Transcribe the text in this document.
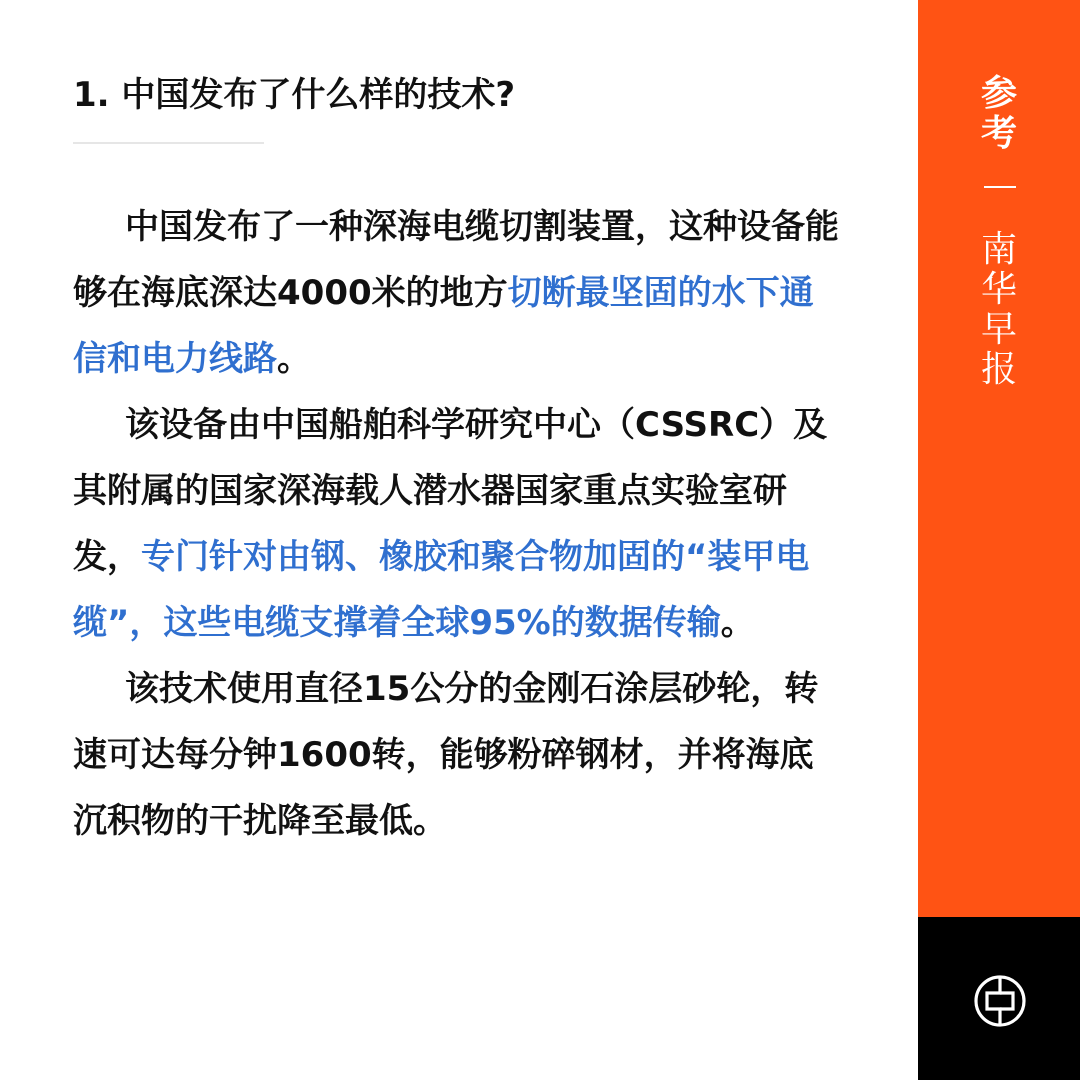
1. 中国发布了什么样的技术?

中国发布了一种深海电缆切割装置，这种设备能够在海底深达4000米的地方切断最坚固的水下通信和电力线路。

该设备由中国船舶科学研究中心（CSSRC）及其附属的国家深海载人潜水器国家重点实验室研发，专门针对由钢、橡胶和聚合物加固的“装甲电缆”，这些电缆支撑着全球95%的数据传输。

该技术使用直径15公分的金刚石涂层砂轮，转速可达每分钟1600转，能够粉碎钢材，并将海底沉积物的干扰降至最低。

参
考
南
华
早
报
